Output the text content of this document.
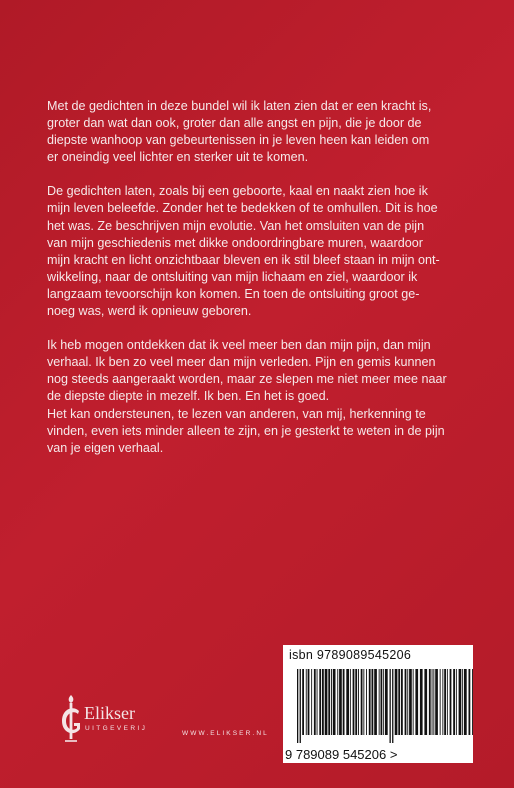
Met de gedichten in deze bundel wil ik laten zien dat er een kracht is,
groter dan wat dan ook, groter dan alle angst en pijn, die je door de
diepste wanhoop van gebeurtenissen in je leven heen kan leiden om
er oneindig veel lichter en sterker uit te komen.

De gedichten laten, zoals bij een geboorte, kaal en naakt zien hoe ik
mijn leven beleefde. Zonder het te bedekken of te omhullen. Dit is hoe
het was. Ze beschrijven mijn evolutie. Van het omsluiten van de pijn
van mijn geschiedenis met dikke ondoordringbare muren, waardoor
mijn kracht en licht onzichtbaar bleven en ik stil bleef staan in mijn ont-
wikkeling, naar de ontsluiting van mijn lichaam en ziel, waardoor ik
langzaam tevoorschijn kon komen. En toen de ontsluiting groot ge-
noeg was, werd ik opnieuw geboren.

Ik heb mogen ontdekken dat ik veel meer ben dan mijn pijn, dan mijn
verhaal. Ik ben zo veel meer dan mijn verleden. Pijn en gemis kunnen
nog steeds aangeraakt worden, maar ze slepen me niet meer mee naar
de diepste diepte in mezelf. Ik ben. En het is goed.

Het kan ondersteunen, te lezen van anderen, van mij, herkenning te
vinden, even iets minder alleen te zijn, en je gesterkt te weten in de pijn
van je eigen verhaal.

isbn 9789089545206
9 789089 545206 >
Elikser
UITGEVERIJ
WWW.ELIKSER.NL
